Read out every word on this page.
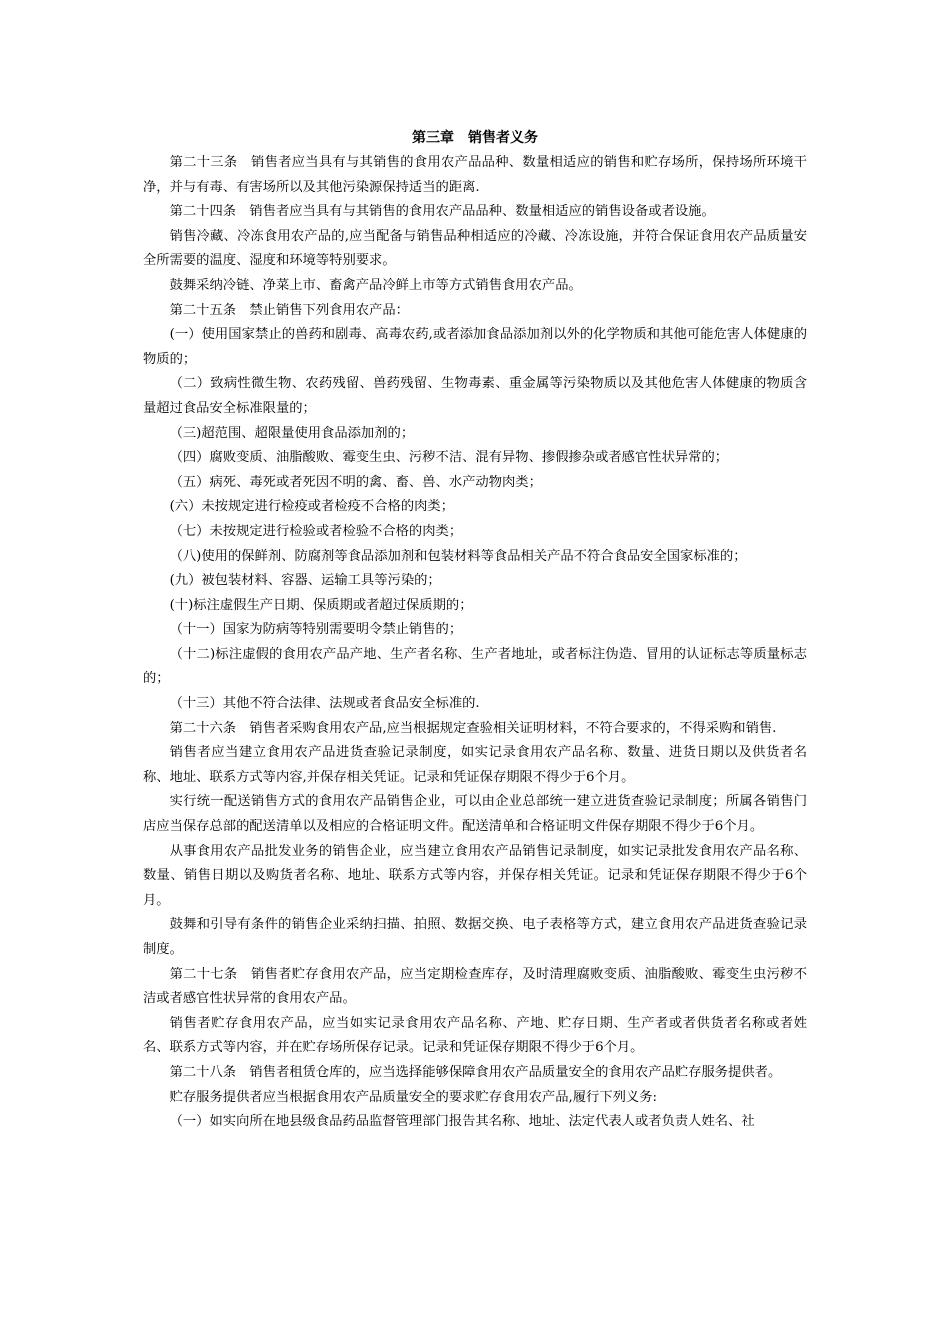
第三章　销售者义务

第二十三条　销售者应当具有与其销售的食用农产品品种、数量相适应的销售和贮存场所，保持场所环境干净，并与有毒、有害场所以及其他污染源保持适当的距离.

第二十四条　销售者应当具有与其销售的食用农产品品种、数量相适应的销售设备或者设施。

销售冷藏、冷冻食用农产品的,应当配备与销售品种相适应的冷藏、冷冻设施，并符合保证食用农产品质量安全所需要的温度、湿度和环境等特别要求。

鼓舞采纳冷链、净菜上市、畜禽产品冷鲜上市等方式销售食用农产品。

第二十五条　禁止销售下列食用农产品：

(一）使用国家禁止的兽药和剧毒、高毒农药,或者添加食品添加剂以外的化学物质和其他可能危害人体健康的物质的；

（二）致病性微生物、农药残留、兽药残留、生物毒素、重金属等污染物质以及其他危害人体健康的物质含量超过食品安全标准限量的；

（三)超范围、超限量使用食品添加剂的；

（四）腐败变质、油脂酸败、霉变生虫、污秽不洁、混有异物、掺假掺杂或者感官性状异常的；

（五）病死、毒死或者死因不明的禽、畜、兽、水产动物肉类；

(六）未按规定进行检疫或者检疫不合格的肉类；

（七）未按规定进行检验或者检验不合格的肉类；

（八)使用的保鲜剂、防腐剂等食品添加剂和包装材料等食品相关产品不符合食品安全国家标准的；

(九）被包装材料、容器、运输工具等污染的；

(十)标注虚假生产日期、保质期或者超过保质期的；

（十一）国家为防病等特别需要明令禁止销售的；

（十二)标注虚假的食用农产品产地、生产者名称、生产者地址，或者标注伪造、冒用的认证标志等质量标志的；

（十三）其他不符合法律、法规或者食品安全标准的.

第二十六条　销售者采购食用农产品,应当根据规定查验相关证明材料，不符合要求的，不得采购和销售.

销售者应当建立食用农产品进货查验记录制度，如实记录食用农产品名称、数量、进货日期以及供货者名称、地址、联系方式等内容,并保存相关凭证。记录和凭证保存期限不得少于6个月。

实行统一配送销售方式的食用农产品销售企业，可以由企业总部统一建立进货查验记录制度；所属各销售门店应当保存总部的配送清单以及相应的合格证明文件。配送清单和合格证明文件保存期限不得少于6个月。

从事食用农产品批发业务的销售企业，应当建立食用农产品销售记录制度，如实记录批发食用农产品名称、数量、销售日期以及购货者名称、地址、联系方式等内容，并保存相关凭证。记录和凭证保存期限不得少于6个月。

鼓舞和引导有条件的销售企业采纳扫描、拍照、数据交换、电子表格等方式，建立食用农产品进货查验记录制度。

第二十七条　销售者贮存食用农产品，应当定期检查库存，及时清理腐败变质、油脂酸败、霉变生虫污秽不洁或者感官性状异常的食用农产品。

销售者贮存食用农产品，应当如实记录食用农产品名称、产地、贮存日期、生产者或者供货者名称或者姓名、联系方式等内容，并在贮存场所保存记录。记录和凭证保存期限不得少于6个月。

第二十八条　销售者租赁仓库的，应当选择能够保障食用农产品质量安全的食用农产品贮存服务提供者。

贮存服务提供者应当根据食用农产品质量安全的要求贮存食用农产品,履行下列义务:

（一）如实向所在地县级食品药品监督管理部门报告其名称、地址、法定代表人或者负责人姓名、社
